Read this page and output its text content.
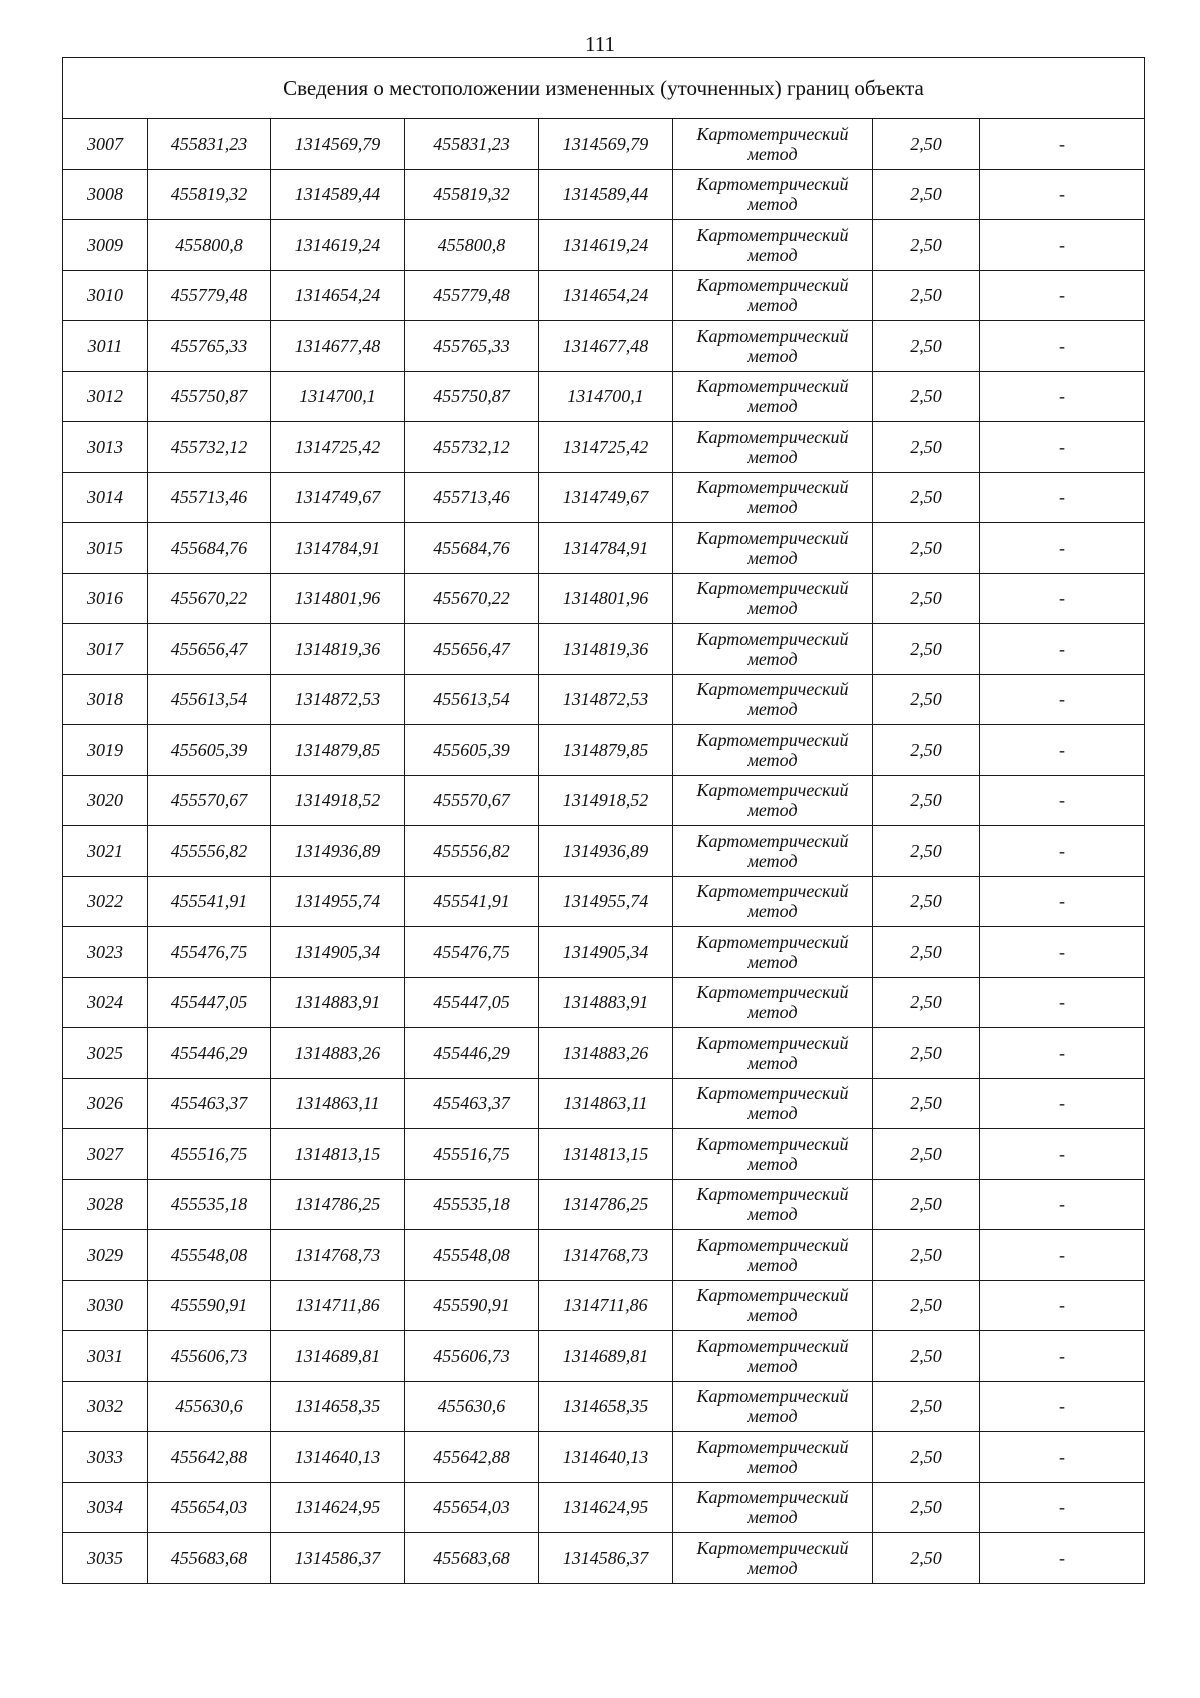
111
Сведения о местоположении измененных (уточненных) границ объекта							
3007	455831,23	1314569,79	455831,23	1314569,79	Картометрический метод	2,50	-
3008	455819,32	1314589,44	455819,32	1314589,44	Картометрический метод	2,50	-
3009	455800,8	1314619,24	455800,8	1314619,24	Картометрический метод	2,50	-
3010	455779,48	1314654,24	455779,48	1314654,24	Картометрический метод	2,50	-
3011	455765,33	1314677,48	455765,33	1314677,48	Картометрический метод	2,50	-
3012	455750,87	1314700,1	455750,87	1314700,1	Картометрический метод	2,50	-
3013	455732,12	1314725,42	455732,12	1314725,42	Картометрический метод	2,50	-
3014	455713,46	1314749,67	455713,46	1314749,67	Картометрический метод	2,50	-
3015	455684,76	1314784,91	455684,76	1314784,91	Картометрический метод	2,50	-
3016	455670,22	1314801,96	455670,22	1314801,96	Картометрический метод	2,50	-
3017	455656,47	1314819,36	455656,47	1314819,36	Картометрический метод	2,50	-
3018	455613,54	1314872,53	455613,54	1314872,53	Картометрический метод	2,50	-
3019	455605,39	1314879,85	455605,39	1314879,85	Картометрический метод	2,50	-
3020	455570,67	1314918,52	455570,67	1314918,52	Картометрический метод	2,50	-
3021	455556,82	1314936,89	455556,82	1314936,89	Картометрический метод	2,50	-
3022	455541,91	1314955,74	455541,91	1314955,74	Картометрический метод	2,50	-
3023	455476,75	1314905,34	455476,75	1314905,34	Картометрический метод	2,50	-
3024	455447,05	1314883,91	455447,05	1314883,91	Картометрический метод	2,50	-
3025	455446,29	1314883,26	455446,29	1314883,26	Картометрический метод	2,50	-
3026	455463,37	1314863,11	455463,37	1314863,11	Картометрический метод	2,50	-
3027	455516,75	1314813,15	455516,75	1314813,15	Картометрический метод	2,50	-
3028	455535,18	1314786,25	455535,18	1314786,25	Картометрический метод	2,50	-
3029	455548,08	1314768,73	455548,08	1314768,73	Картометрический метод	2,50	-
3030	455590,91	1314711,86	455590,91	1314711,86	Картометрический метод	2,50	-
3031	455606,73	1314689,81	455606,73	1314689,81	Картометрический метод	2,50	-
3032	455630,6	1314658,35	455630,6	1314658,35	Картометрический метод	2,50	-
3033	455642,88	1314640,13	455642,88	1314640,13	Картометрический метод	2,50	-
3034	455654,03	1314624,95	455654,03	1314624,95	Картометрический метод	2,50	-
3035	455683,68	1314586,37	455683,68	1314586,37	Картометрический метод	2,50	-
